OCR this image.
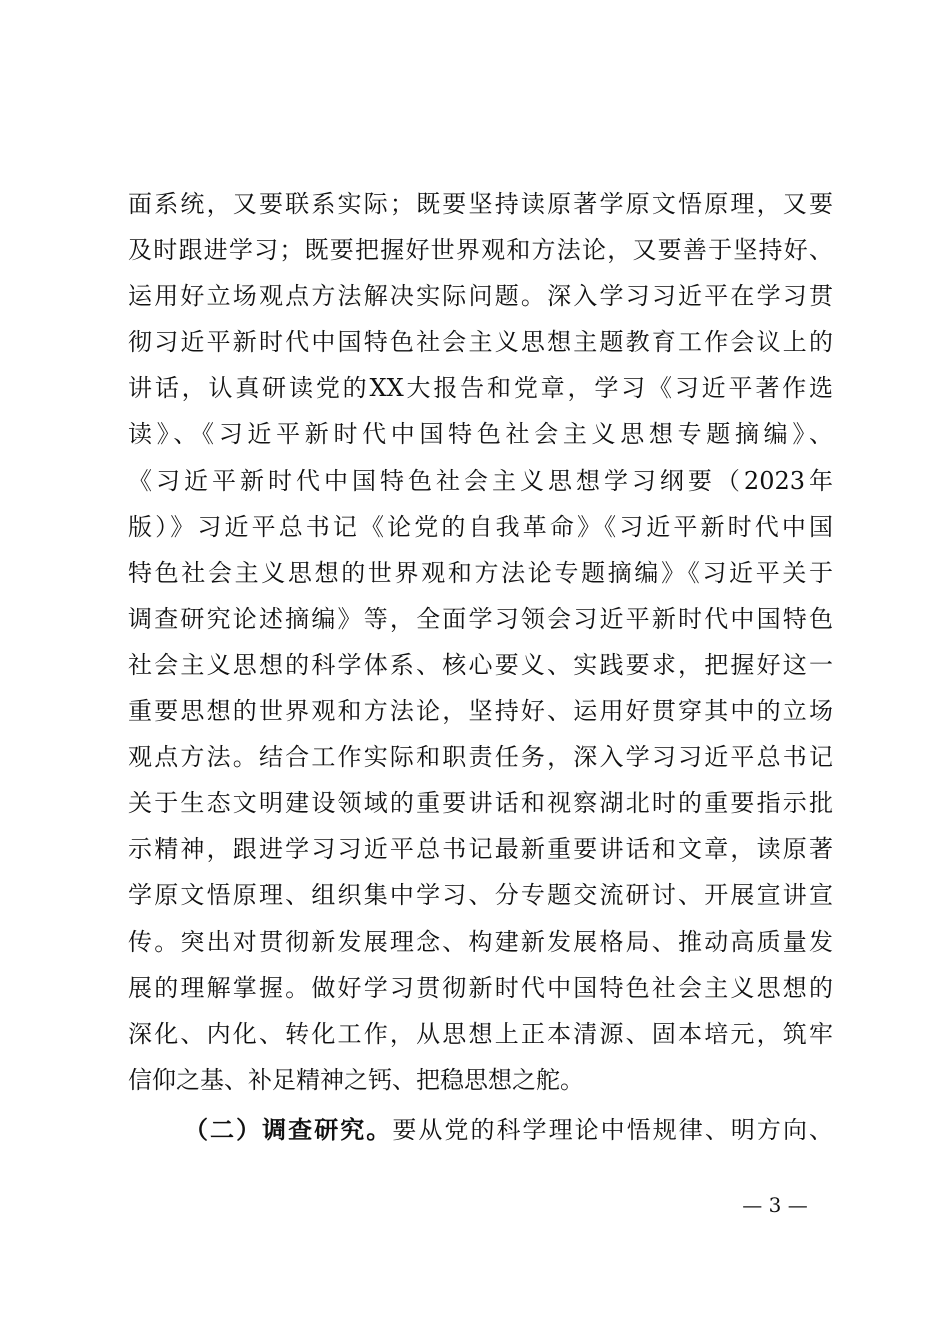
面系统，又要联系实际；既要坚持读原著学原文悟原理，又要
及时跟进学习；既要把握好世界观和方法论，又要善于坚持好、
运用好立场观点方法解决实际问题。深入学习习近平在学习贯
彻习近平新时代中国特色社会主义思想主题教育工作会议上的
讲话，认真研读党的XX大报告和党章，学习《习近平著作选
读》、《习近平新时代中国特色社会主义思想专题摘编》、
《习近平新时代中国特色社会主义思想学习纲要（2023年
版）》习近平总书记《论党的自我革命》《习近平新时代中国
特色社会主义思想的世界观和方法论专题摘编》《习近平关于
调查研究论述摘编》等，全面学习领会习近平新时代中国特色
社会主义思想的科学体系、核心要义、实践要求，把握好这一
重要思想的世界观和方法论，坚持好、运用好贯穿其中的立场
观点方法。结合工作实际和职责任务，深入学习习近平总书记
关于生态文明建设领域的重要讲话和视察湖北时的重要指示批
示精神，跟进学习习近平总书记最新重要讲话和文章，读原著
学原文悟原理、组织集中学习、分专题交流研讨、开展宣讲宣
传。突出对贯彻新发展理念、构建新发展格局、推动高质量发
展的理解掌握。做好学习贯彻新时代中国特色社会主义思想的
深化、内化、转化工作，从思想上正本清源、固本培元，筑牢
信仰之基、补足精神之钙、把稳思想之舵。
（二）调查研究。要从党的科学理论中悟规律、明方向、
— 3 —
